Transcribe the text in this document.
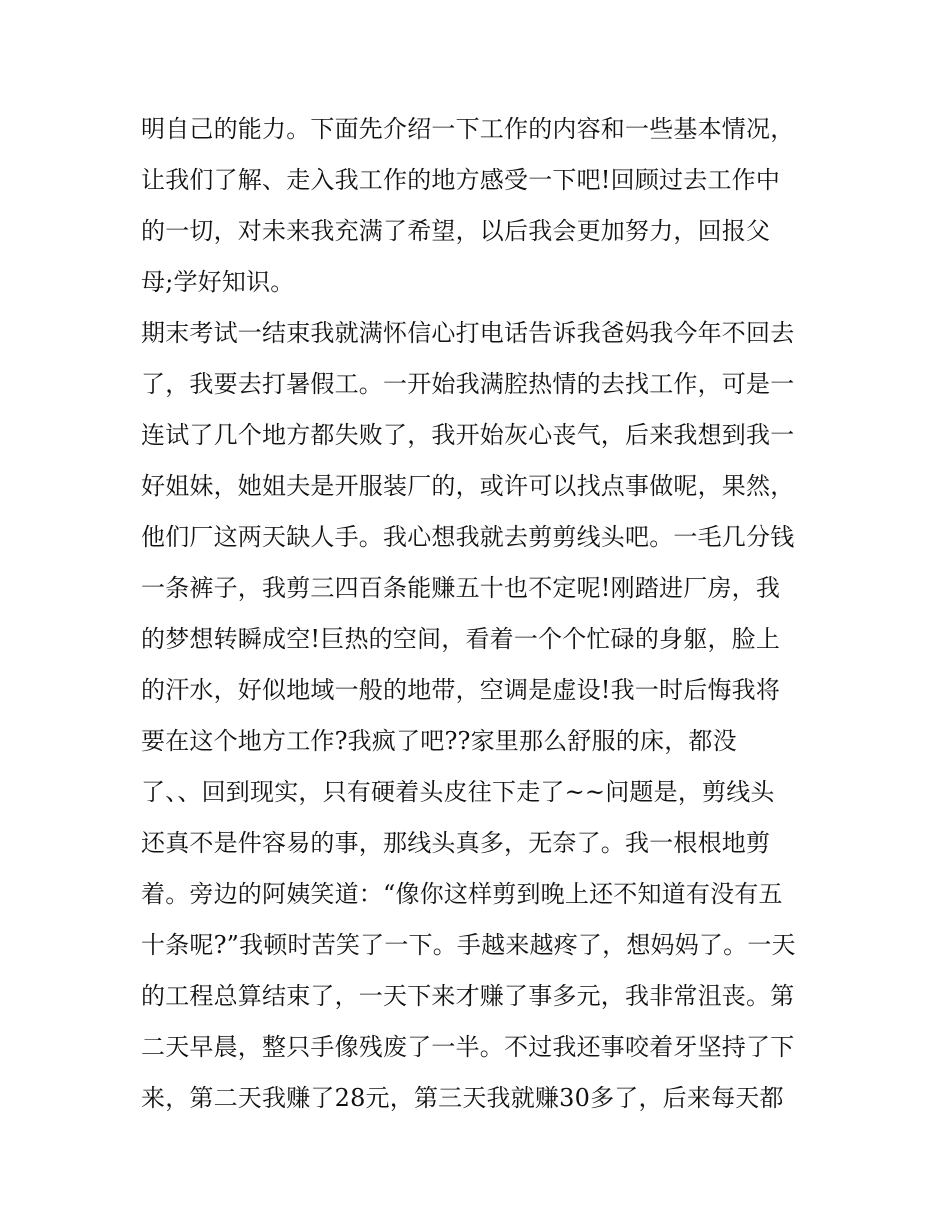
明自己的能力。下面先介绍一下工作的内容和一些基本情况，
让我们了解、走入我工作的地方感受一下吧!回顾过去工作中
的一切，对未来我充满了希望，以后我会更加努力，回报父
母;学好知识。
期末考试一结束我就满怀信心打电话告诉我爸妈我今年不回去
了，我要去打暑假工。一开始我满腔热情的去找工作，可是一
连试了几个地方都失败了，我开始灰心丧气，后来我想到我一
好姐妹，她姐夫是开服装厂的，或许可以找点事做呢，果然，
他们厂这两天缺人手。我心想我就去剪剪线头吧。一毛几分钱
一条裤子，我剪三四百条能赚五十也不定呢!刚踏进厂房，我
的梦想转瞬成空!巨热的空间，看着一个个忙碌的身躯，脸上
的汗水，好似地域一般的地带，空调是虚设!我一时后悔我将
要在这个地方工作?我疯了吧??家里那么舒服的床，都没
了、、回到现实，只有硬着头皮往下走了~~问题是，剪线头
还真不是件容易的事，那线头真多，无奈了。我一根根地剪
着。旁边的阿姨笑道：“像你这样剪到晚上还不知道有没有五
十条呢?”我顿时苦笑了一下。手越来越疼了，想妈妈了。一天
的工程总算结束了，一天下来才赚了事多元，我非常沮丧。第
二天早晨，整只手像残废了一半。不过我还事咬着牙坚持了下
来，第二天我赚了28元，第三天我就赚30多了，后来每天都
